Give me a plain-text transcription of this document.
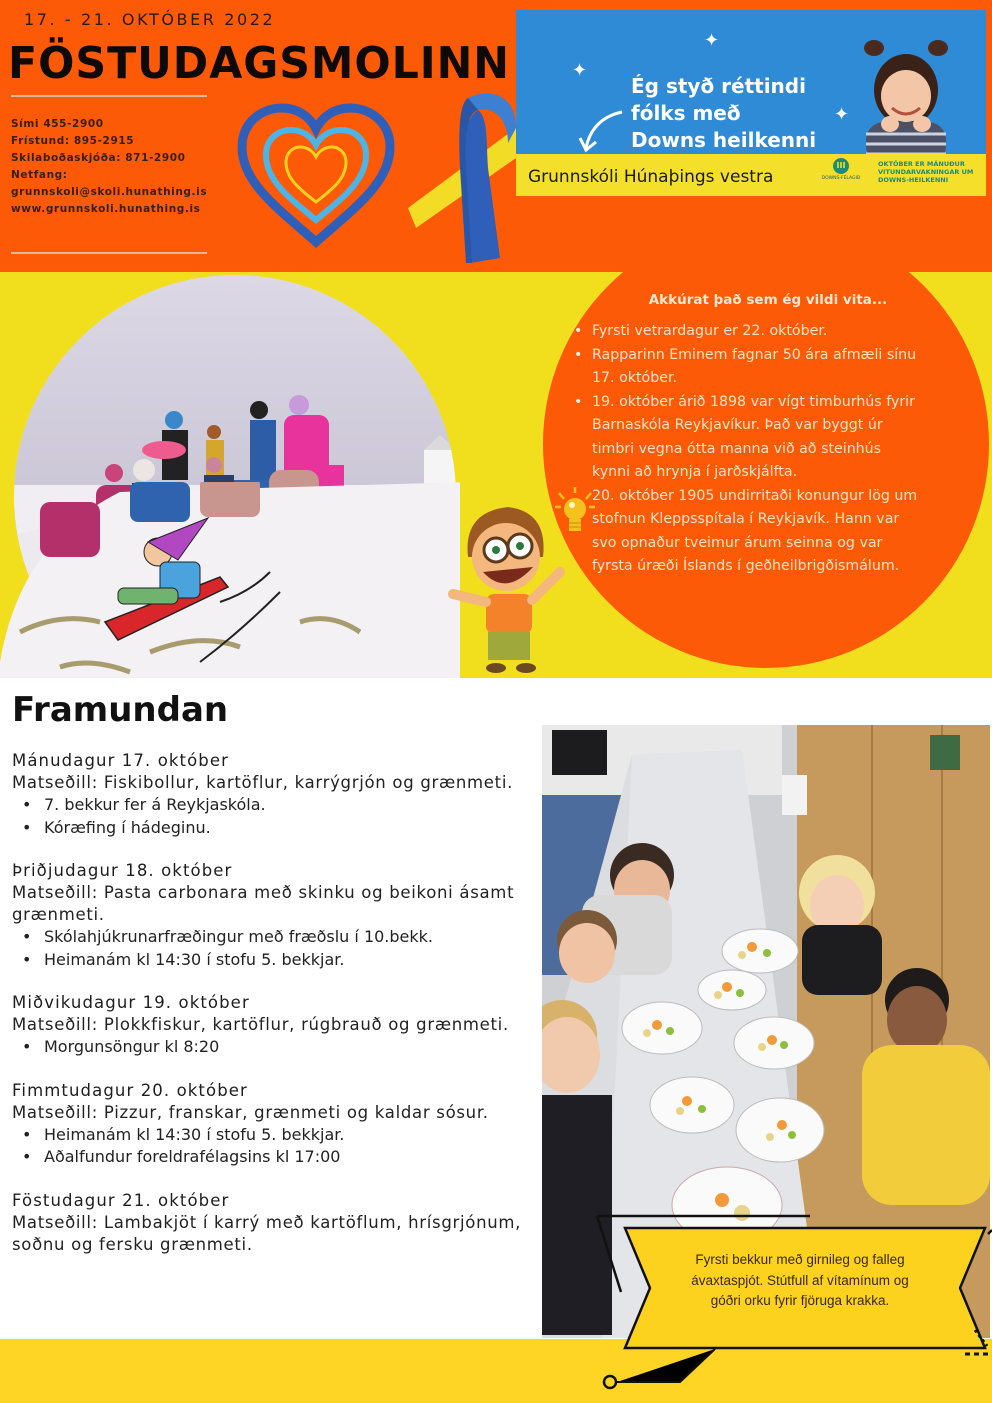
17. - 21. OKTÓBER 2022
FÖSTUDAGSMOLINN
Sími 455-2900
Frístund: 895-2915
Skilaboðaskjóða: 871-2900
Netfang:
grunnskoli@skoli.hunathing.is
www.grunnskoli.hunathing.is
✦
✦
✦
Ég styð réttindi
fólks með
Downs heilkenni
Grunnskóli Húnaþings vestra
III
DOWNS-FÉLAGIÐ
OKTÓBER ER MÁNUÐUR
VITUNDARVAKNINGAR UM
DOWNS-HEILKENNI
Akkúrat það sem ég vildi vita...
• Fyrsti vetrardagur er 22. október.
• Rapparinn Eminem fagnar 50 ára afmæli sínu
17. október.
• 19. október árið 1898 var vígt timburhús fyrir
Barnaskóla Reykjavíkur. Það var byggt úr
timbri vegna ótta manna við að steinhús
kynni að hrynja í jarðskjálfta.
20. október 1905 undirritaði konungur lög um
stofnun Kleppsspítala í Reykjavík. Hann var
svo opnaður tveimur árum seinna og var
fyrsta úræði Íslands í geðheilbrigðismálum.
Framundan
Mánudagur 17. október
Matseðill: Fiskibollur, kartöflur, karrýgrjón og grænmeti.
• 7. bekkur fer á Reykjaskóla.
• Kóræfing í hádeginu.
Þriðjudagur 18. október
Matseðill: Pasta carbonara með skinku og beikoni ásamt grænmeti.
• Skólahjúkrunarfræðingur með fræðslu í 10.bekk.
• Heimanám kl 14:30 í stofu 5. bekkjar.
Miðvikudagur 19. október
Matseðill: Plokkfiskur, kartöflur, rúgbrauð og grænmeti.
• Morgunsöngur kl 8:20
Fimmtudagur 20. október
Matseðill: Pizzur, franskar, grænmeti og kaldar sósur.
• Heimanám kl 14:30 í stofu 5. bekkjar.
• Aðalfundur foreldrafélagsins kl 17:00
Föstudagur 21. október
Matseðill: Lambakjöt í karrý með kartöflum, hrísgrjónum, soðnu og fersku grænmeti.
Fyrsti bekkur með girnileg og falleg
ávaxtaspjót. Stútfull af vítamínum og
góðri orku fyrir fjöruga krakka.
